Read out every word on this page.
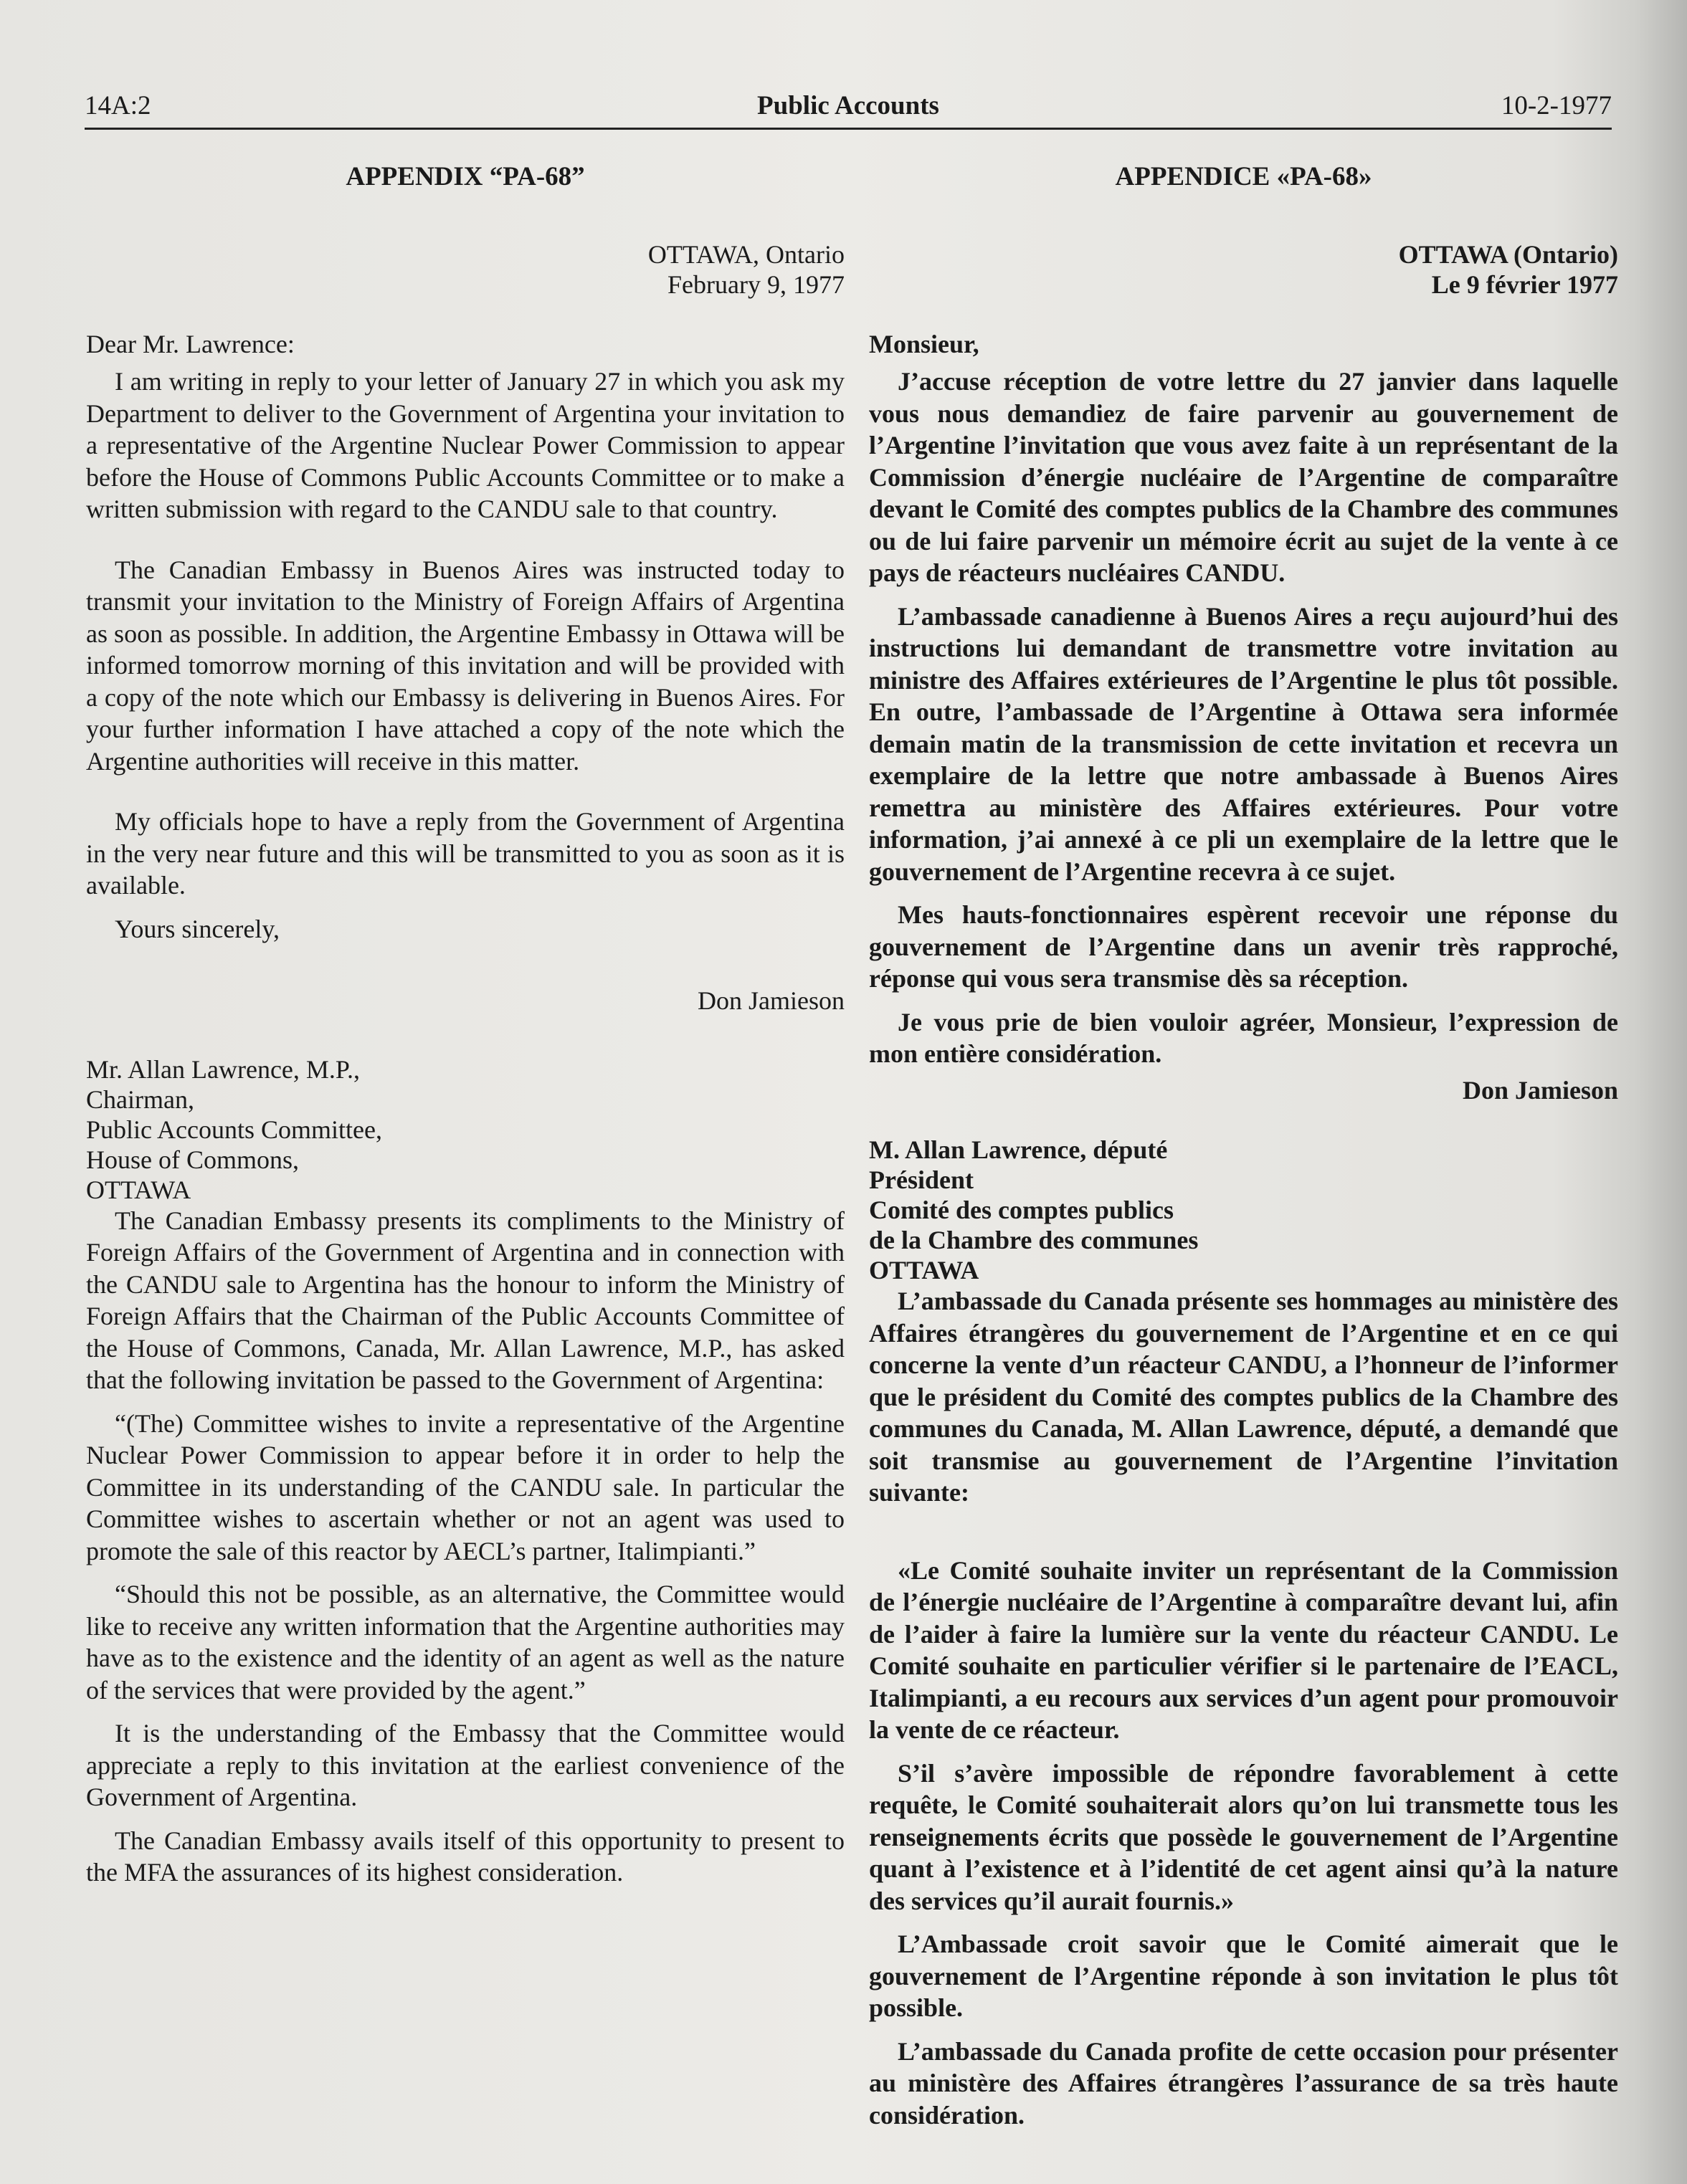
14A:2	Public Accounts	10-2-1977
APPENDIX “PA-68”
OTTAWA, Ontario
February 9, 1977
Dear Mr. Lawrence:

I am writing in reply to your letter of January 27 in which you ask my Department to deliver to the Government of Argentina your invitation to a representative of the Argentine Nuclear Power Commission to appear before the House of Commons Public Accounts Committee or to make a written submission with regard to the CANDU sale to that country.

The Canadian Embassy in Buenos Aires was instructed today to transmit your invitation to the Ministry of Foreign Affairs of Argentina as soon as possible. In addition, the Argentine Embassy in Ottawa will be informed tomorrow morning of this invitation and will be provided with a copy of the note which our Embassy is delivering in Buenos Aires. For your further information I have attached a copy of the note which the Argentine authorities will receive in this matter.

My officials hope to have a reply from the Government of Argentina in the very near future and this will be transmitted to you as soon as it is available.

Yours sincerely,

Don Jamieson
Mr. Allan Lawrence, M.P.,
Chairman,
Public Accounts Committee,
House of Commons,
OTTAWA

The Canadian Embassy presents its compliments to the Ministry of Foreign Affairs of the Government of Argentina and in connection with the CANDU sale to Argentina has the honour to inform the Ministry of Foreign Affairs that the Chairman of the Public Accounts Committee of the House of Commons, Canada, Mr. Allan Lawrence, M.P., has asked that the following invitation be passed to the Government of Argentina:

“(The) Committee wishes to invite a representative of the Argentine Nuclear Power Commission to appear before it in order to help the Committee in its understanding of the CANDU sale. In particular the Committee wishes to ascertain whether or not an agent was used to promote the sale of this reactor by AECL’s partner, Italimpianti.”

“Should this not be possible, as an alternative, the Committee would like to receive any written information that the Argentine authorities may have as to the existence and the identity of an agent as well as the nature of the services that were provided by the agent.”

It is the understanding of the Embassy that the Committee would appreciate a reply to this invitation at the earliest convenience of the Government of Argentina.

The Canadian Embassy avails itself of this opportunity to present to the MFA the assurances of its highest consideration.

APPENDICE «PA-68»
OTTAWA (Ontario)
Le 9 février 1977
Monsieur,

J’accuse réception de votre lettre du 27 janvier dans laquelle vous nous demandiez de faire parvenir au gouvernement de l’Argentine l’invitation que vous avez faite à un représentant de la Commission d’énergie nucléaire de l’Argentine de comparaître devant le Comité des comptes publics de la Chambre des communes ou de lui faire parvenir un mémoire écrit au sujet de la vente à ce pays de réacteurs nucléaires CANDU.

L’ambassade canadienne à Buenos Aires a reçu aujourd’hui des instructions lui demandant de transmettre votre invitation au ministre des Affaires extérieures de l’Argentine le plus tôt possible. En outre, l’ambassade de l’Argentine à Ottawa sera informée demain matin de la transmission de cette invitation et recevra un exemplaire de la lettre que notre ambassade à Buenos Aires remettra au ministère des Affaires extérieures. Pour votre information, j’ai annexé à ce pli un exemplaire de la lettre que le gouvernement de l’Argentine recevra à ce sujet.

Mes hauts-fonctionnaires espèrent recevoir une réponse du gouvernement de l’Argentine dans un avenir très rapproché, réponse qui vous sera transmise dès sa réception.

Je vous prie de bien vouloir agréer, Monsieur, l’expression de mon entière considération.

Don Jamieson
M. Allan Lawrence, député
Président
Comité des comptes publics
de la Chambre des communes
OTTAWA

L’ambassade du Canada présente ses hommages au ministère des Affaires étrangères du gouvernement de l’Argentine et en ce qui concerne la vente d’un réacteur CANDU, a l’honneur de l’informer que le président du Comité des comptes publics de la Chambre des communes du Canada, M. Allan Lawrence, député, a demandé que soit transmise au gouvernement de l’Argentine l’invitation suivante:

«Le Comité souhaite inviter un représentant de la Commission de l’énergie nucléaire de l’Argentine à comparaître devant lui, afin de l’aider à faire la lumière sur la vente du réacteur CANDU. Le Comité souhaite en particulier vérifier si le partenaire de l’EACL, Italimpianti, a eu recours aux services d’un agent pour promouvoir la vente de ce réacteur.

S’il s’avère impossible de répondre favorablement à cette requête, le Comité souhaiterait alors qu’on lui transmette tous les renseignements écrits que possède le gouvernement de l’Argentine quant à l’existence et à l’identité de cet agent ainsi qu’à la nature des services qu’il aurait fournis.»

L’Ambassade croit savoir que le Comité aimerait que le gouvernement de l’Argentine réponde à son invitation le plus tôt possible.

L’ambassade du Canada profite de cette occasion pour présenter au ministère des Affaires étrangères l’assurance de sa très haute considération.
